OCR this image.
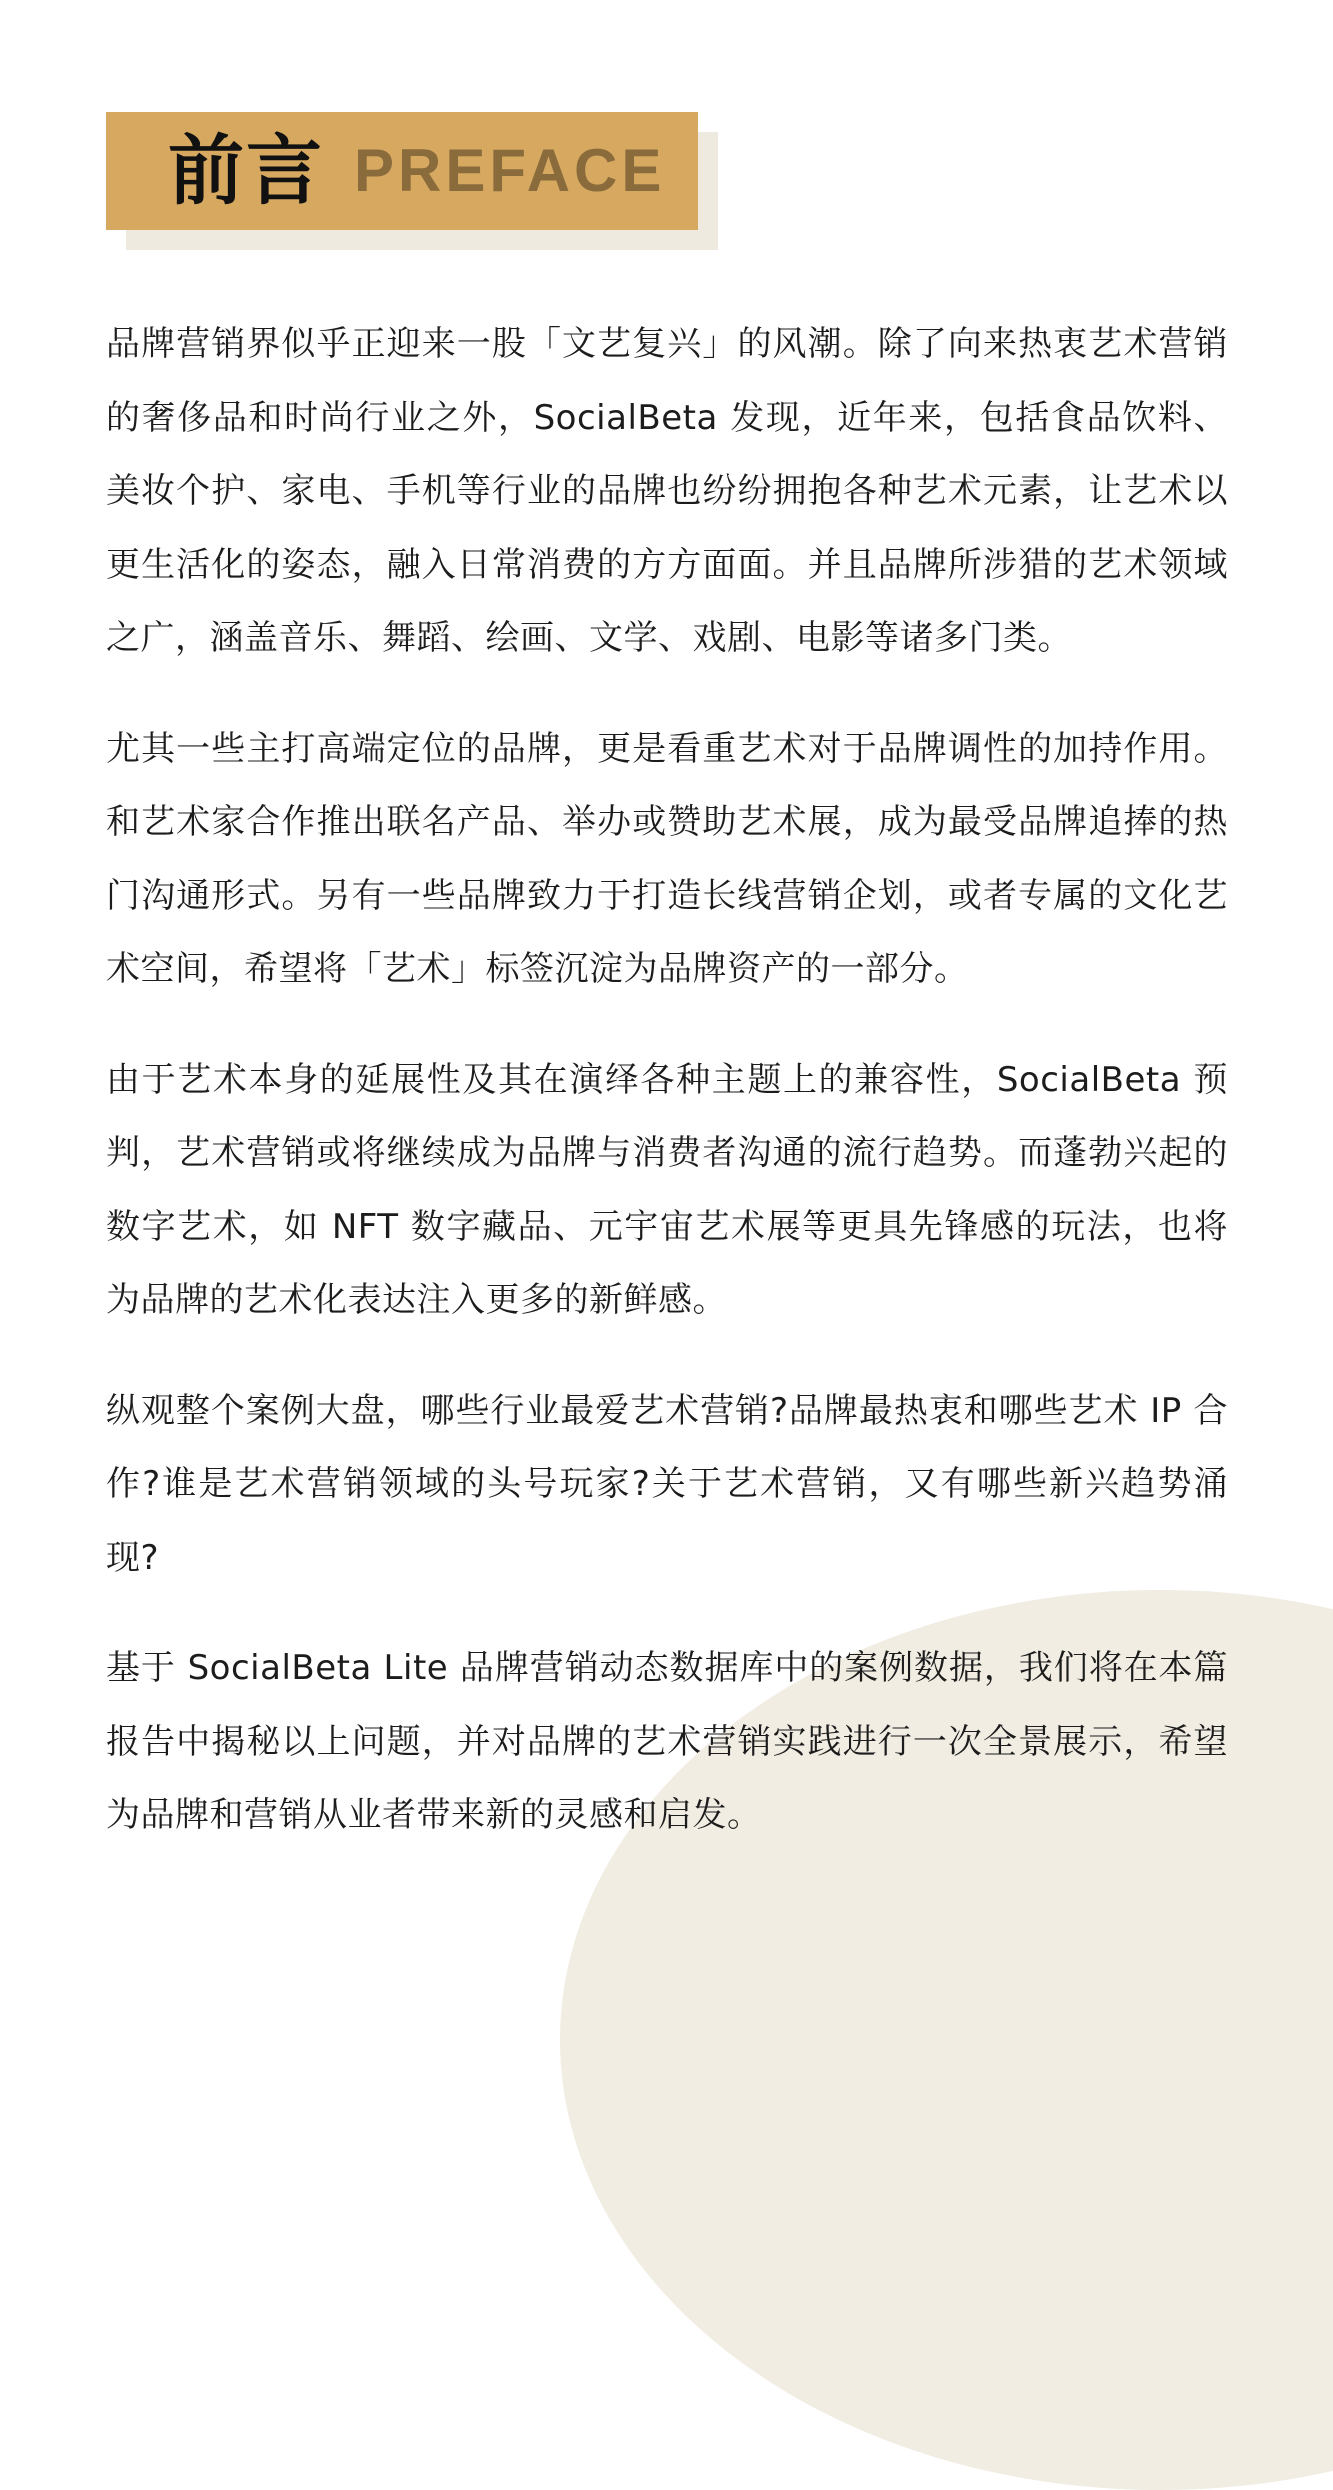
前言 PREFACE

品牌营销界似乎正迎来一股「文艺复兴」的风潮。除了向来热衷艺术营销的奢侈品和时尚行业之外，SocialBeta 发现，近年来，包括食品饮料、美妆个护、家电、手机等行业的品牌也纷纷拥抱各种艺术元素，让艺术以更生活化的姿态，融入日常消费的方方面面。并且品牌所涉猎的艺术领域之广，涵盖音乐、舞蹈、绘画、文学、戏剧、电影等诸多门类。

尤其一些主打高端定位的品牌，更是看重艺术对于品牌调性的加持作用。和艺术家合作推出联名产品、举办或赞助艺术展，成为最受品牌追捧的热门沟通形式。另有一些品牌致力于打造长线营销企划，或者专属的文化艺术空间，希望将「艺术」标签沉淀为品牌资产的一部分。

由于艺术本身的延展性及其在演绎各种主题上的兼容性，SocialBeta 预判，艺术营销或将继续成为品牌与消费者沟通的流行趋势。而蓬勃兴起的数字艺术，如 NFT 数字藏品、元宇宙艺术展等更具先锋感的玩法，也将为品牌的艺术化表达注入更多的新鲜感。

纵观整个案例大盘，哪些行业最爱艺术营销?品牌最热衷和哪些艺术 IP 合作?谁是艺术营销领域的头号玩家?关于艺术营销，又有哪些新兴趋势涌现?

基于 SocialBeta Lite 品牌营销动态数据库中的案例数据，我们将在本篇报告中揭秘以上问题，并对品牌的艺术营销实践进行一次全景展示，希望为品牌和营销从业者带来新的灵感和启发。
